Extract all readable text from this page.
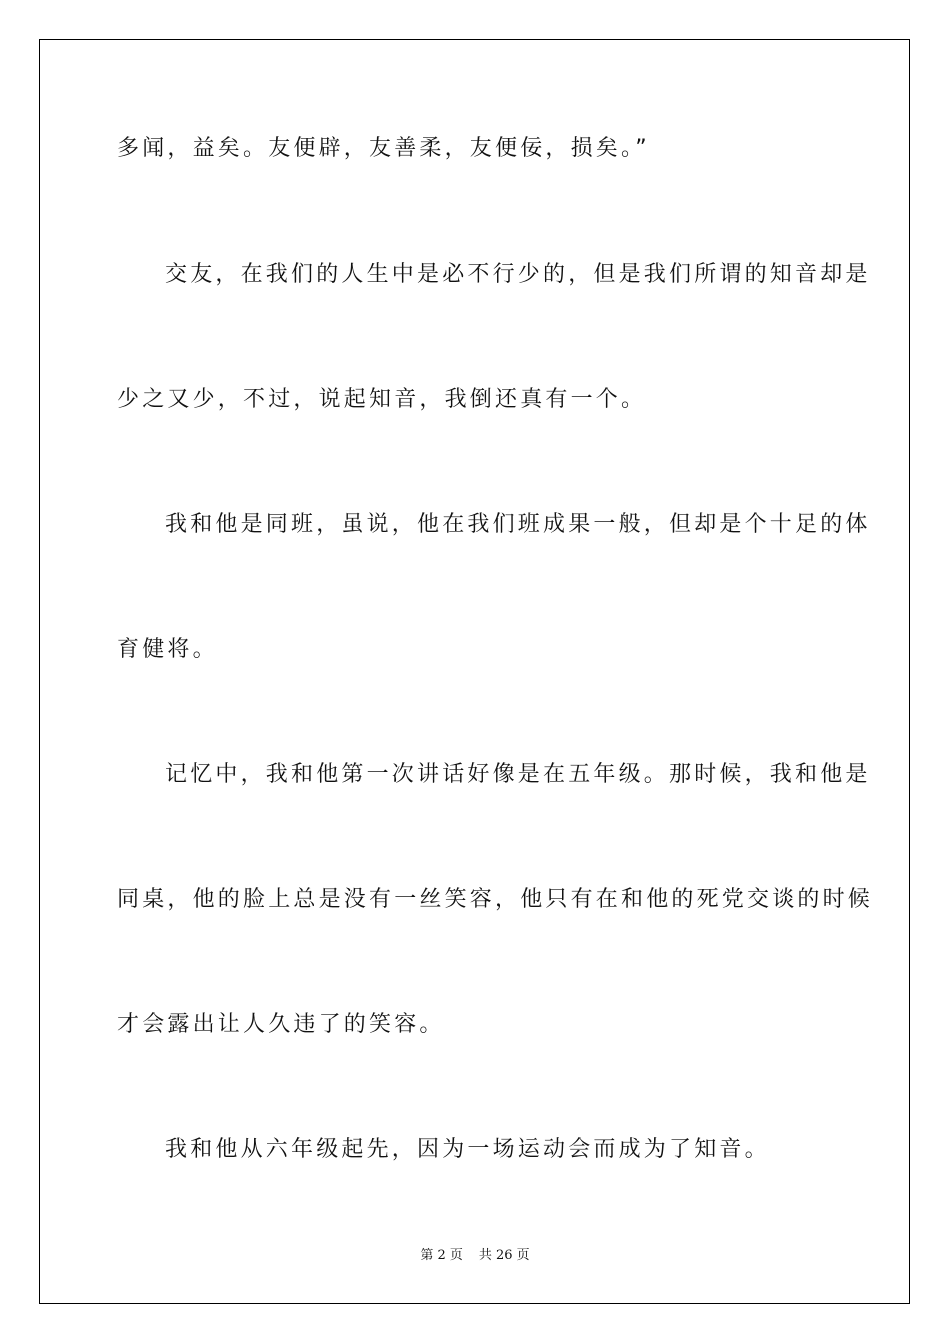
多闻，益矣。友便辟，友善柔，友便佞，损矣。”
交友，在我们的人生中是必不行少的，但是我们所谓的知音却是
少之又少，不过，说起知音，我倒还真有一个。
我和他是同班，虽说，他在我们班成果一般，但却是个十足的体
育健将。
记忆中，我和他第一次讲话好像是在五年级。那时候，我和他是
同桌，他的脸上总是没有一丝笑容，他只有在和他的死党交谈的时候
才会露出让人久违了的笑容。
我和他从六年级起先，因为一场运动会而成为了知音。
第 2 页 共 26 页
